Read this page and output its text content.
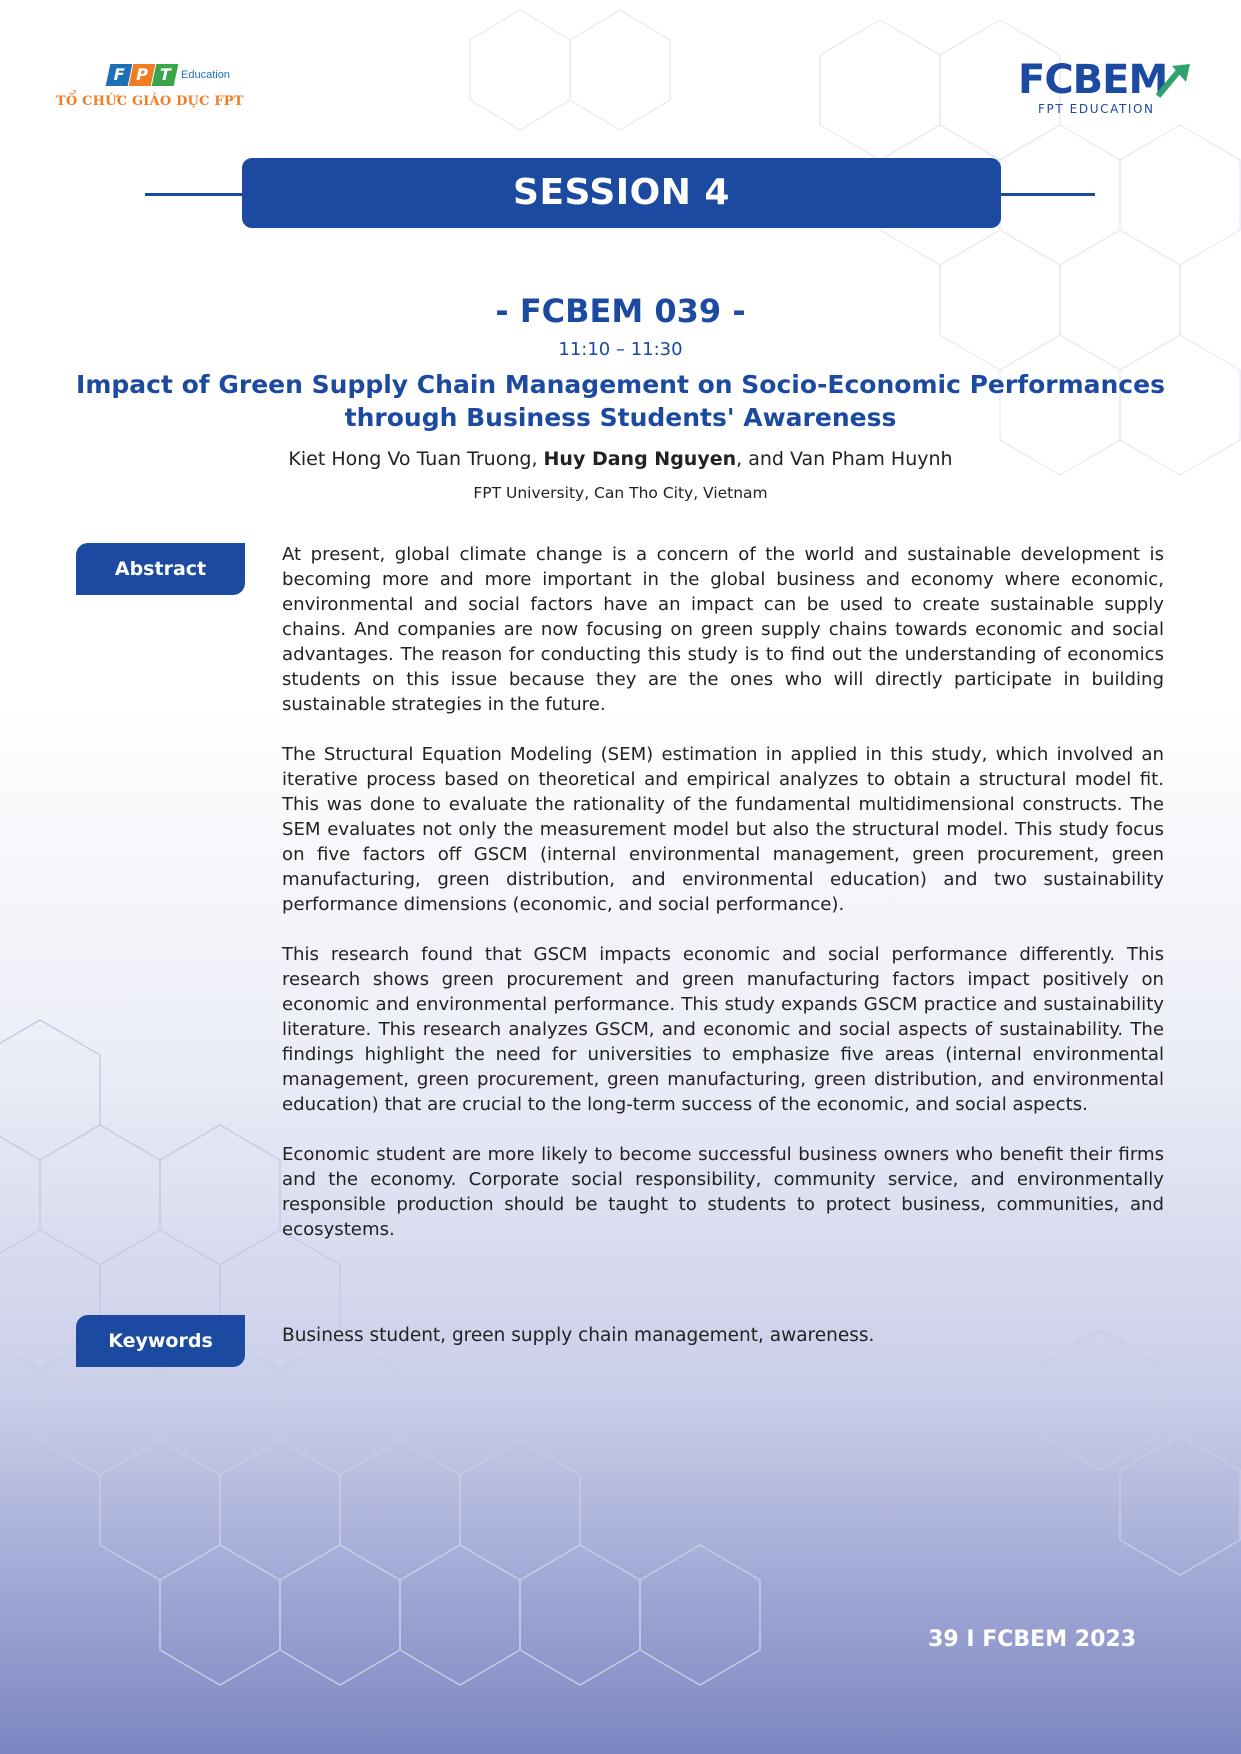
F P T Education
TỔ CHỨC GIÁO DỤC FPT	FCBEM
FPT EDUCATION
SESSION 4
- FCBEM 039 -
11:10 – 11:30
Impact of Green Supply Chain Management on Socio-Economic Performances
through Business Students' Awareness
Kiet Hong Vo Tuan Truong, Huy Dang Nguyen, and Van Pham Huynh
FPT University, Can Tho City, Vietnam
Abstract

At present, global climate change is a concern of the world and sustainable development is becoming more and more important in the global business and economy where economic, environmental and social factors have an impact can be used to create sustainable supply chains. And companies are now focusing on green supply chains towards economic and social advantages. The reason for conducting this study is to find out the understanding of economics students on this issue because they are the ones who will directly participate in building sustainable strategies in the future.

The Structural Equation Modeling (SEM) estimation in applied in this study, which involved an iterative process based on theoretical and empirical analyzes to obtain a structural model fit. This was done to evaluate the rationality of the fundamental multidimensional constructs. The SEM evaluates not only the measurement model but also the structural model. This study focus on five factors off GSCM (internal environmental management, green procurement, green manufacturing, green distribution, and environmental education) and two sustainability performance dimensions (economic, and social performance).

This research found that GSCM impacts economic and social performance differently. This research shows green procurement and green manufacturing factors impact positively on economic and environmental performance. This study expands GSCM practice and sustainability literature. This research analyzes GSCM, and economic and social aspects of sustainability. The findings highlight the need for universities to emphasize five areas (internal environmental management, green procurement, green manufacturing, green distribution, and environmental education) that are crucial to the long-term success of the economic, and social aspects.

Economic student are more likely to become successful business owners who benefit their firms and the economy. Corporate social responsibility, community service, and environmentally responsible production should be taught to students to protect business, communities, and ecosystems.

Keywords	Business student, green supply chain management, awareness.
39 I FCBEM 2023
